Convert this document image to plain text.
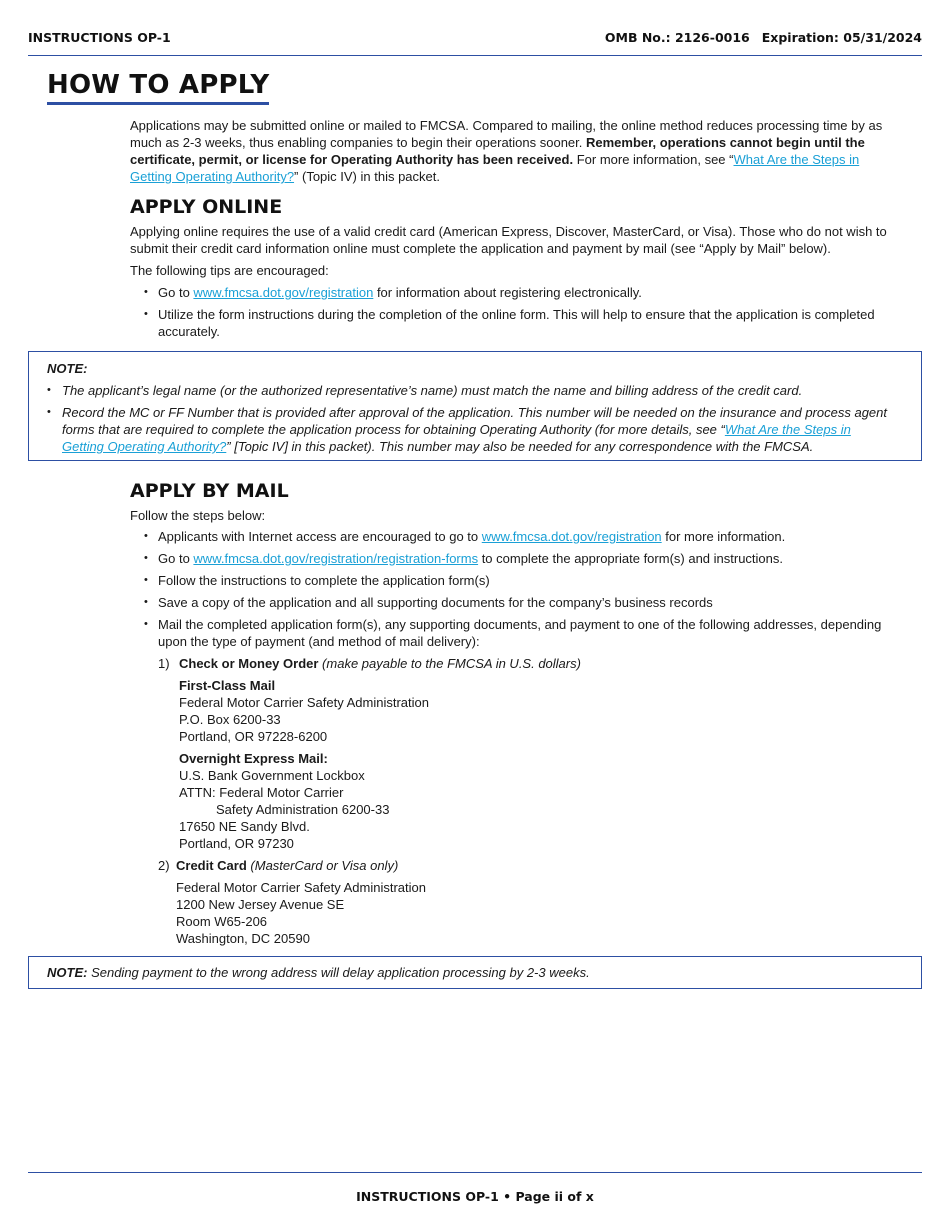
INSTRUCTIONS OP-1	OMB No.: 2126-0016 Expiration: 05/31/2024
HOW TO APPLY

Applications may be submitted online or mailed to FMCSA. Compared to mailing, the online method reduces processing time by as much as 2-3 weeks, thus enabling companies to begin their operations sooner. Remember, operations cannot begin until the certificate, permit, or license for Operating Authority has been received. For more information, see “What Are the Steps in Getting Operating Authority?” (Topic IV) in this packet.

APPLY ONLINE

Applying online requires the use of a valid credit card (American Express, Discover, MasterCard, or Visa). Those who do not wish to submit their credit card information online must complete the application and payment by mail (see “Apply by Mail” below).

The following tips are encouraged:

• Go to www.fmcsa.dot.gov/registration for information about registering electronically.
• Utilize the form instructions during the completion of the online form. This will help to ensure that the application is completed accurately.
NOTE:
• The applicant’s legal name (or the authorized representative’s name) must match the name and billing address of the credit card.
• Record the MC or FF Number that is provided after approval of the application. This number will be needed on the insurance and process agent forms that are required to complete the application process for obtaining Operating Authority (for more details, see “What Are the Steps in Getting Operating Authority?” [Topic IV] in this packet). This number may also be needed for any correspondence with the FMCSA.
APPLY BY MAIL

Follow the steps below:

• Applicants with Internet access are encouraged to go to www.fmcsa.dot.gov/registration for more information.
• Go to www.fmcsa.dot.gov/registration/registration-forms to complete the appropriate form(s) and instructions.
• Follow the instructions to complete the application form(s)
• Save a copy of the application and all supporting documents for the company’s business records
• Mail the completed application form(s), any supporting documents, and payment to one of the following addresses, depending upon the type of payment (and method of mail delivery):
1) Check or Money Order (make payable to the FMCSA in U.S. dollars)
First-Class Mail
Federal Motor Carrier Safety Administration
P.O. Box 6200-33
Portland, OR 97228-6200
Overnight Express Mail:
U.S. Bank Government Lockbox
ATTN: Federal Motor Carrier
Safety Administration 6200-33
17650 NE Sandy Blvd.
Portland, OR 97230
2) Credit Card (MasterCard or Visa only)
Federal Motor Carrier Safety Administration
1200 New Jersey Avenue SE
Room W65-206
Washington, DC 20590
NOTE: Sending payment to the wrong address will delay application processing by 2-3 weeks.
INSTRUCTIONS OP-1 • Page ii of x
